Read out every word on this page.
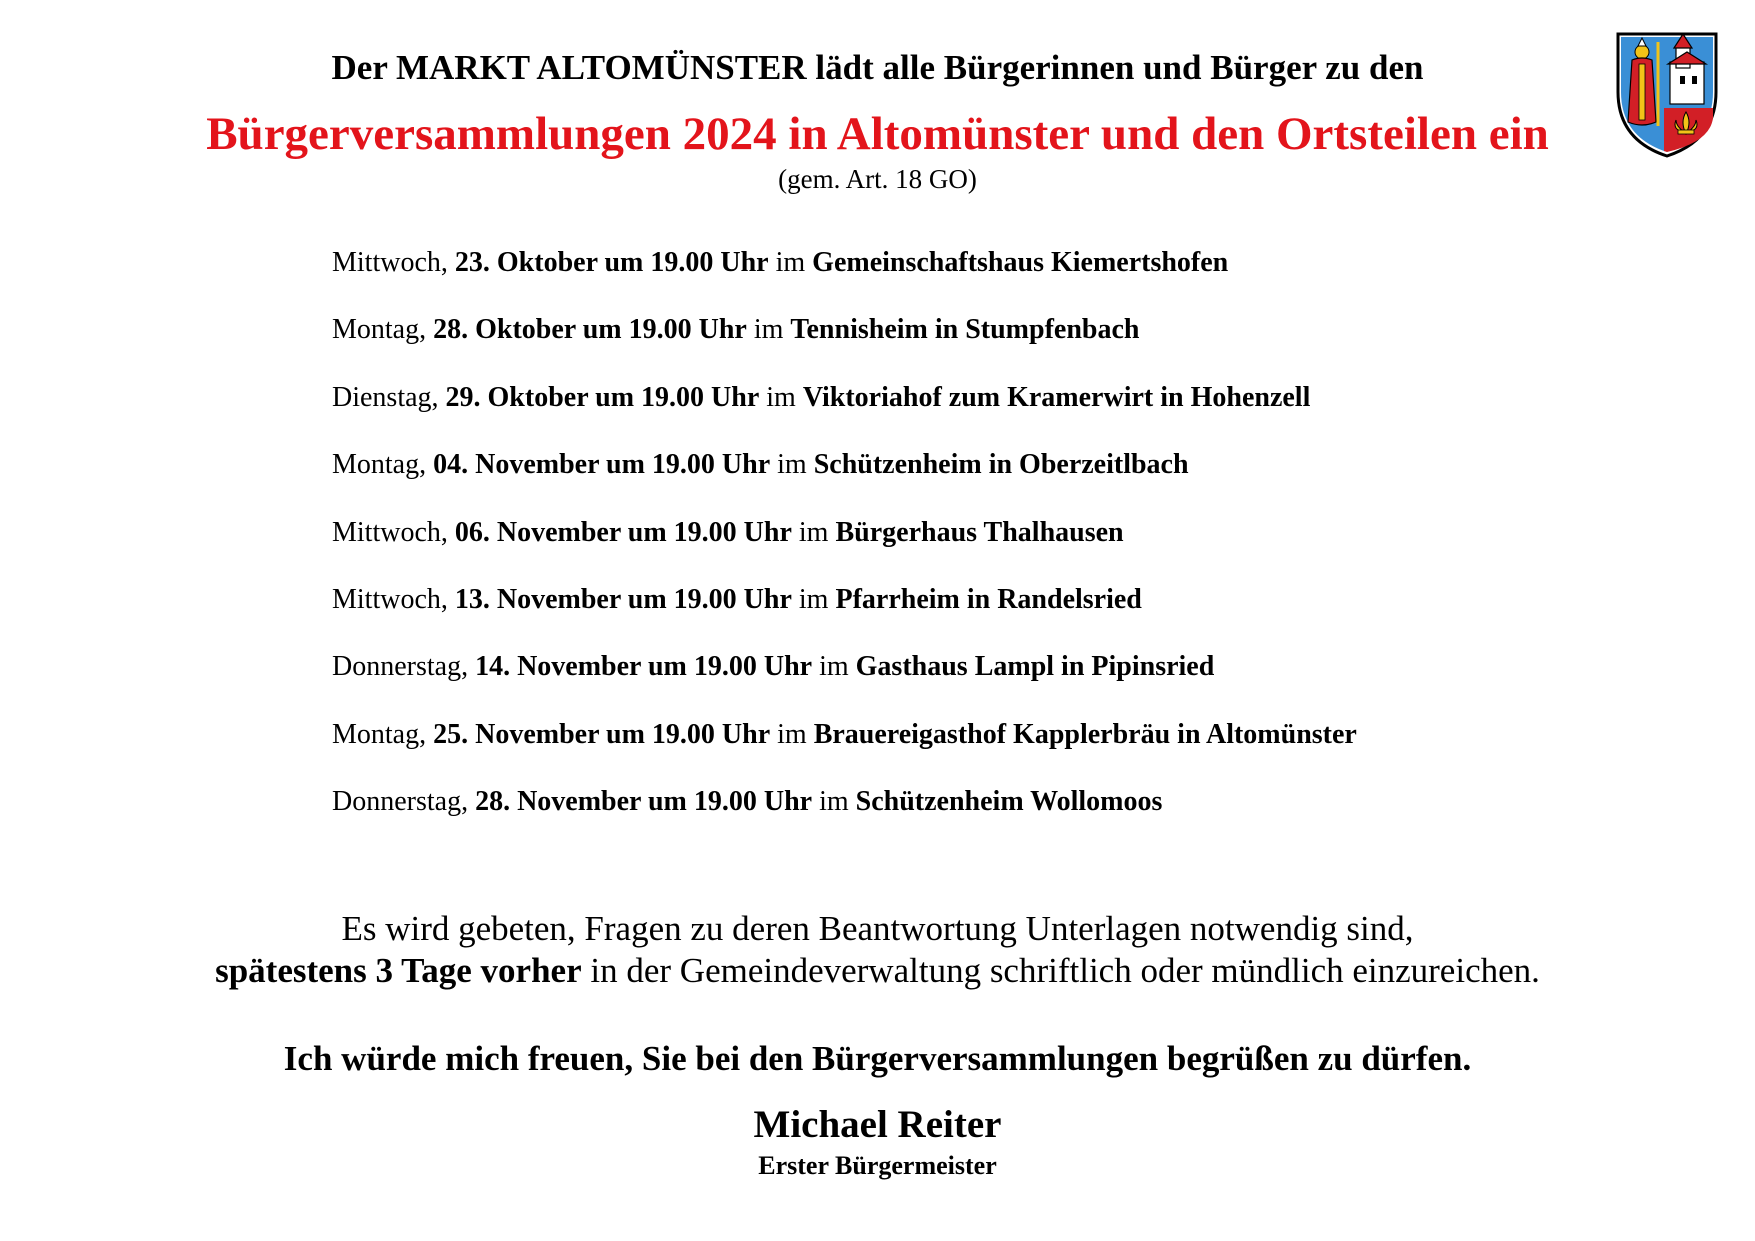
Der MARKT ALTOMÜNSTER lädt alle Bürgerinnen und Bürger zu den
Bürgerversammlungen 2024 in Altomünster und den Ortsteilen ein
(gem. Art. 18 GO)
Mittwoch, 23. Oktober um 19.00 Uhr im Gemeinschaftshaus Kiemertshofen
Montag, 28. Oktober um 19.00 Uhr im Tennisheim in Stumpfenbach
Dienstag, 29. Oktober um 19.00 Uhr im Viktoriahof zum Kramerwirt in Hohenzell
Montag, 04. November um 19.00 Uhr im Schützenheim in Oberzeitlbach
Mittwoch, 06. November um 19.00 Uhr im Bürgerhaus Thalhausen
Mittwoch, 13. November um 19.00 Uhr im Pfarrheim in Randelsried
Donnerstag, 14. November um 19.00 Uhr im Gasthaus Lampl in Pipinsried
Montag, 25. November um 19.00 Uhr im Brauereigasthof Kapplerbräu in Altomünster
Donnerstag, 28. November um 19.00 Uhr im Schützenheim Wollomoos
Es wird gebeten, Fragen zu deren Beantwortung Unterlagen notwendig sind,
spätestens 3 Tage vorher in der Gemeindeverwaltung schriftlich oder mündlich einzureichen.
Ich würde mich freuen, Sie bei den Bürgerversammlungen begrüßen zu dürfen.
Michael Reiter
Erster Bürgermeister
